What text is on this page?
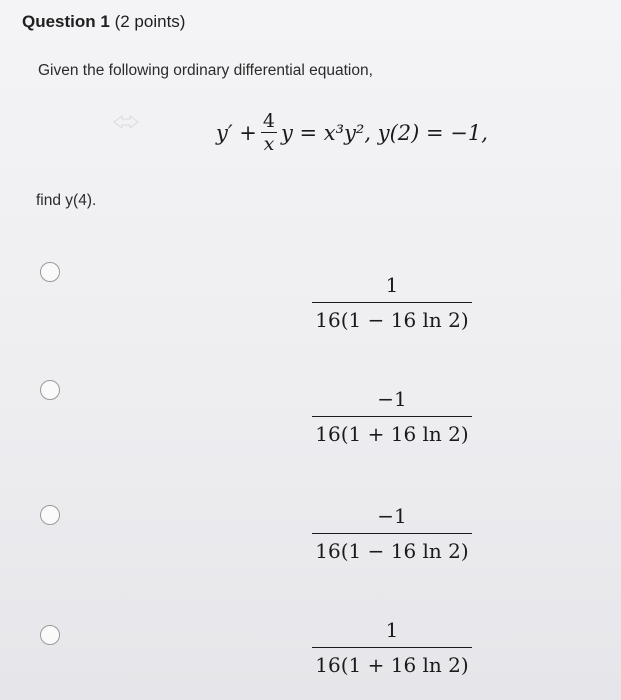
Question 1 (2 points)
Given the following ordinary differential equation,
$y' + \frac{4}{x}$ y = x³y², y(2) = −1,
find y(4).
1
16(1 − 16 ln 2)
−1
16(1 + 16 ln 2)
−1
16(1 − 16 ln 2)
1
16(1 + 16 ln 2)
